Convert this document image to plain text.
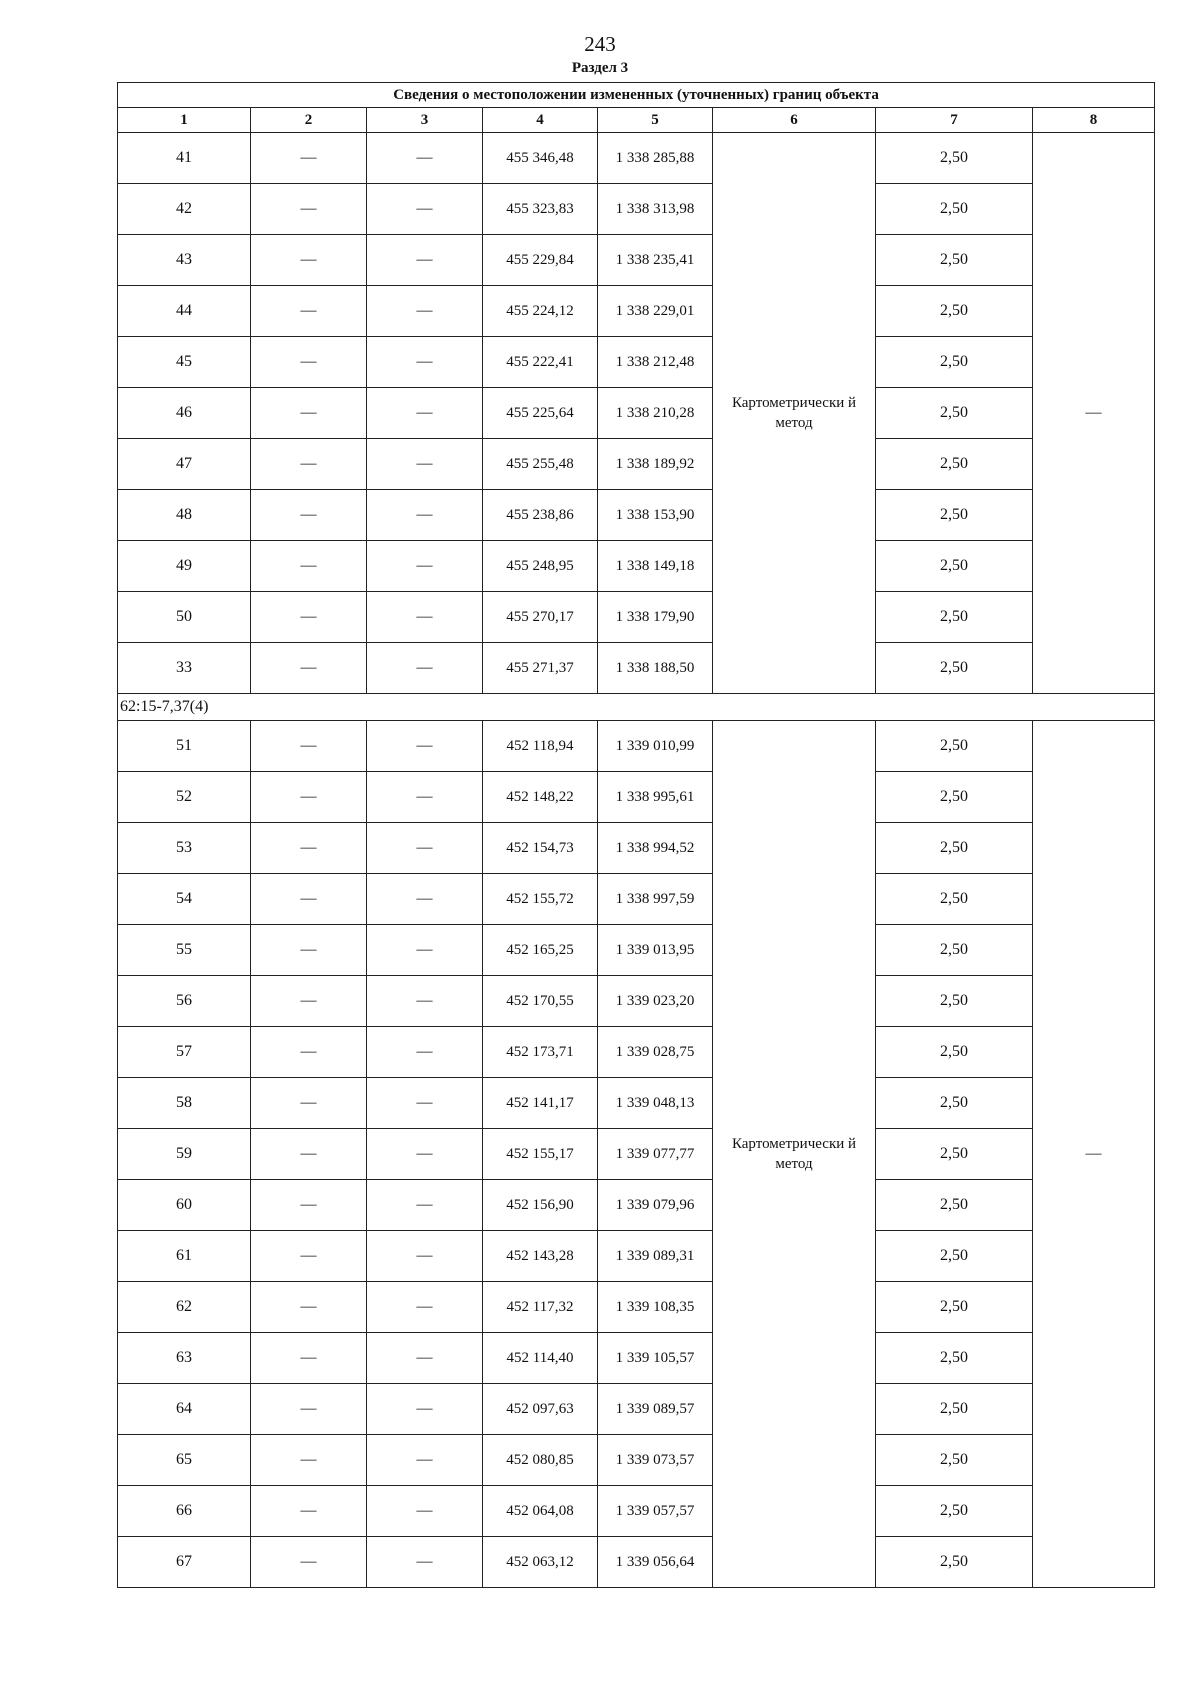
243
Раздел 3
Сведения о местоположении измененных (уточненных) границ объекта							
1	2	3	4	5	6	7	8
41	—	—	455 346,48	1 338 285,88	Картометрически й метод	2,50	—
42	—	—	455 323,83	1 338 313,98		2,50	
43	—	—	455 229,84	1 338 235,41		2,50	
44	—	—	455 224,12	1 338 229,01		2,50	
45	—	—	455 222,41	1 338 212,48		2,50	
46	—	—	455 225,64	1 338 210,28		2,50	
47	—	—	455 255,48	1 338 189,92		2,50	
48	—	—	455 238,86	1 338 153,90		2,50	
49	—	—	455 248,95	1 338 149,18		2,50	
50	—	—	455 270,17	1 338 179,90		2,50	
33	—	—	455 271,37	1 338 188,50		2,50	
62:15-7,37(4)							
51	—	—	452 118,94	1 339 010,99	Картометрически й метод	2,50	—
52	—	—	452 148,22	1 338 995,61		2,50	
53	—	—	452 154,73	1 338 994,52		2,50	
54	—	—	452 155,72	1 338 997,59		2,50	
55	—	—	452 165,25	1 339 013,95		2,50	
56	—	—	452 170,55	1 339 023,20		2,50	
57	—	—	452 173,71	1 339 028,75		2,50	
58	—	—	452 141,17	1 339 048,13		2,50	
59	—	—	452 155,17	1 339 077,77		2,50	
60	—	—	452 156,90	1 339 079,96		2,50	
61	—	—	452 143,28	1 339 089,31		2,50	
62	—	—	452 117,32	1 339 108,35		2,50	
63	—	—	452 114,40	1 339 105,57		2,50	
64	—	—	452 097,63	1 339 089,57		2,50	
65	—	—	452 080,85	1 339 073,57		2,50	
66	—	—	452 064,08	1 339 057,57		2,50	
67	—	—	452 063,12	1 339 056,64		2,50	
